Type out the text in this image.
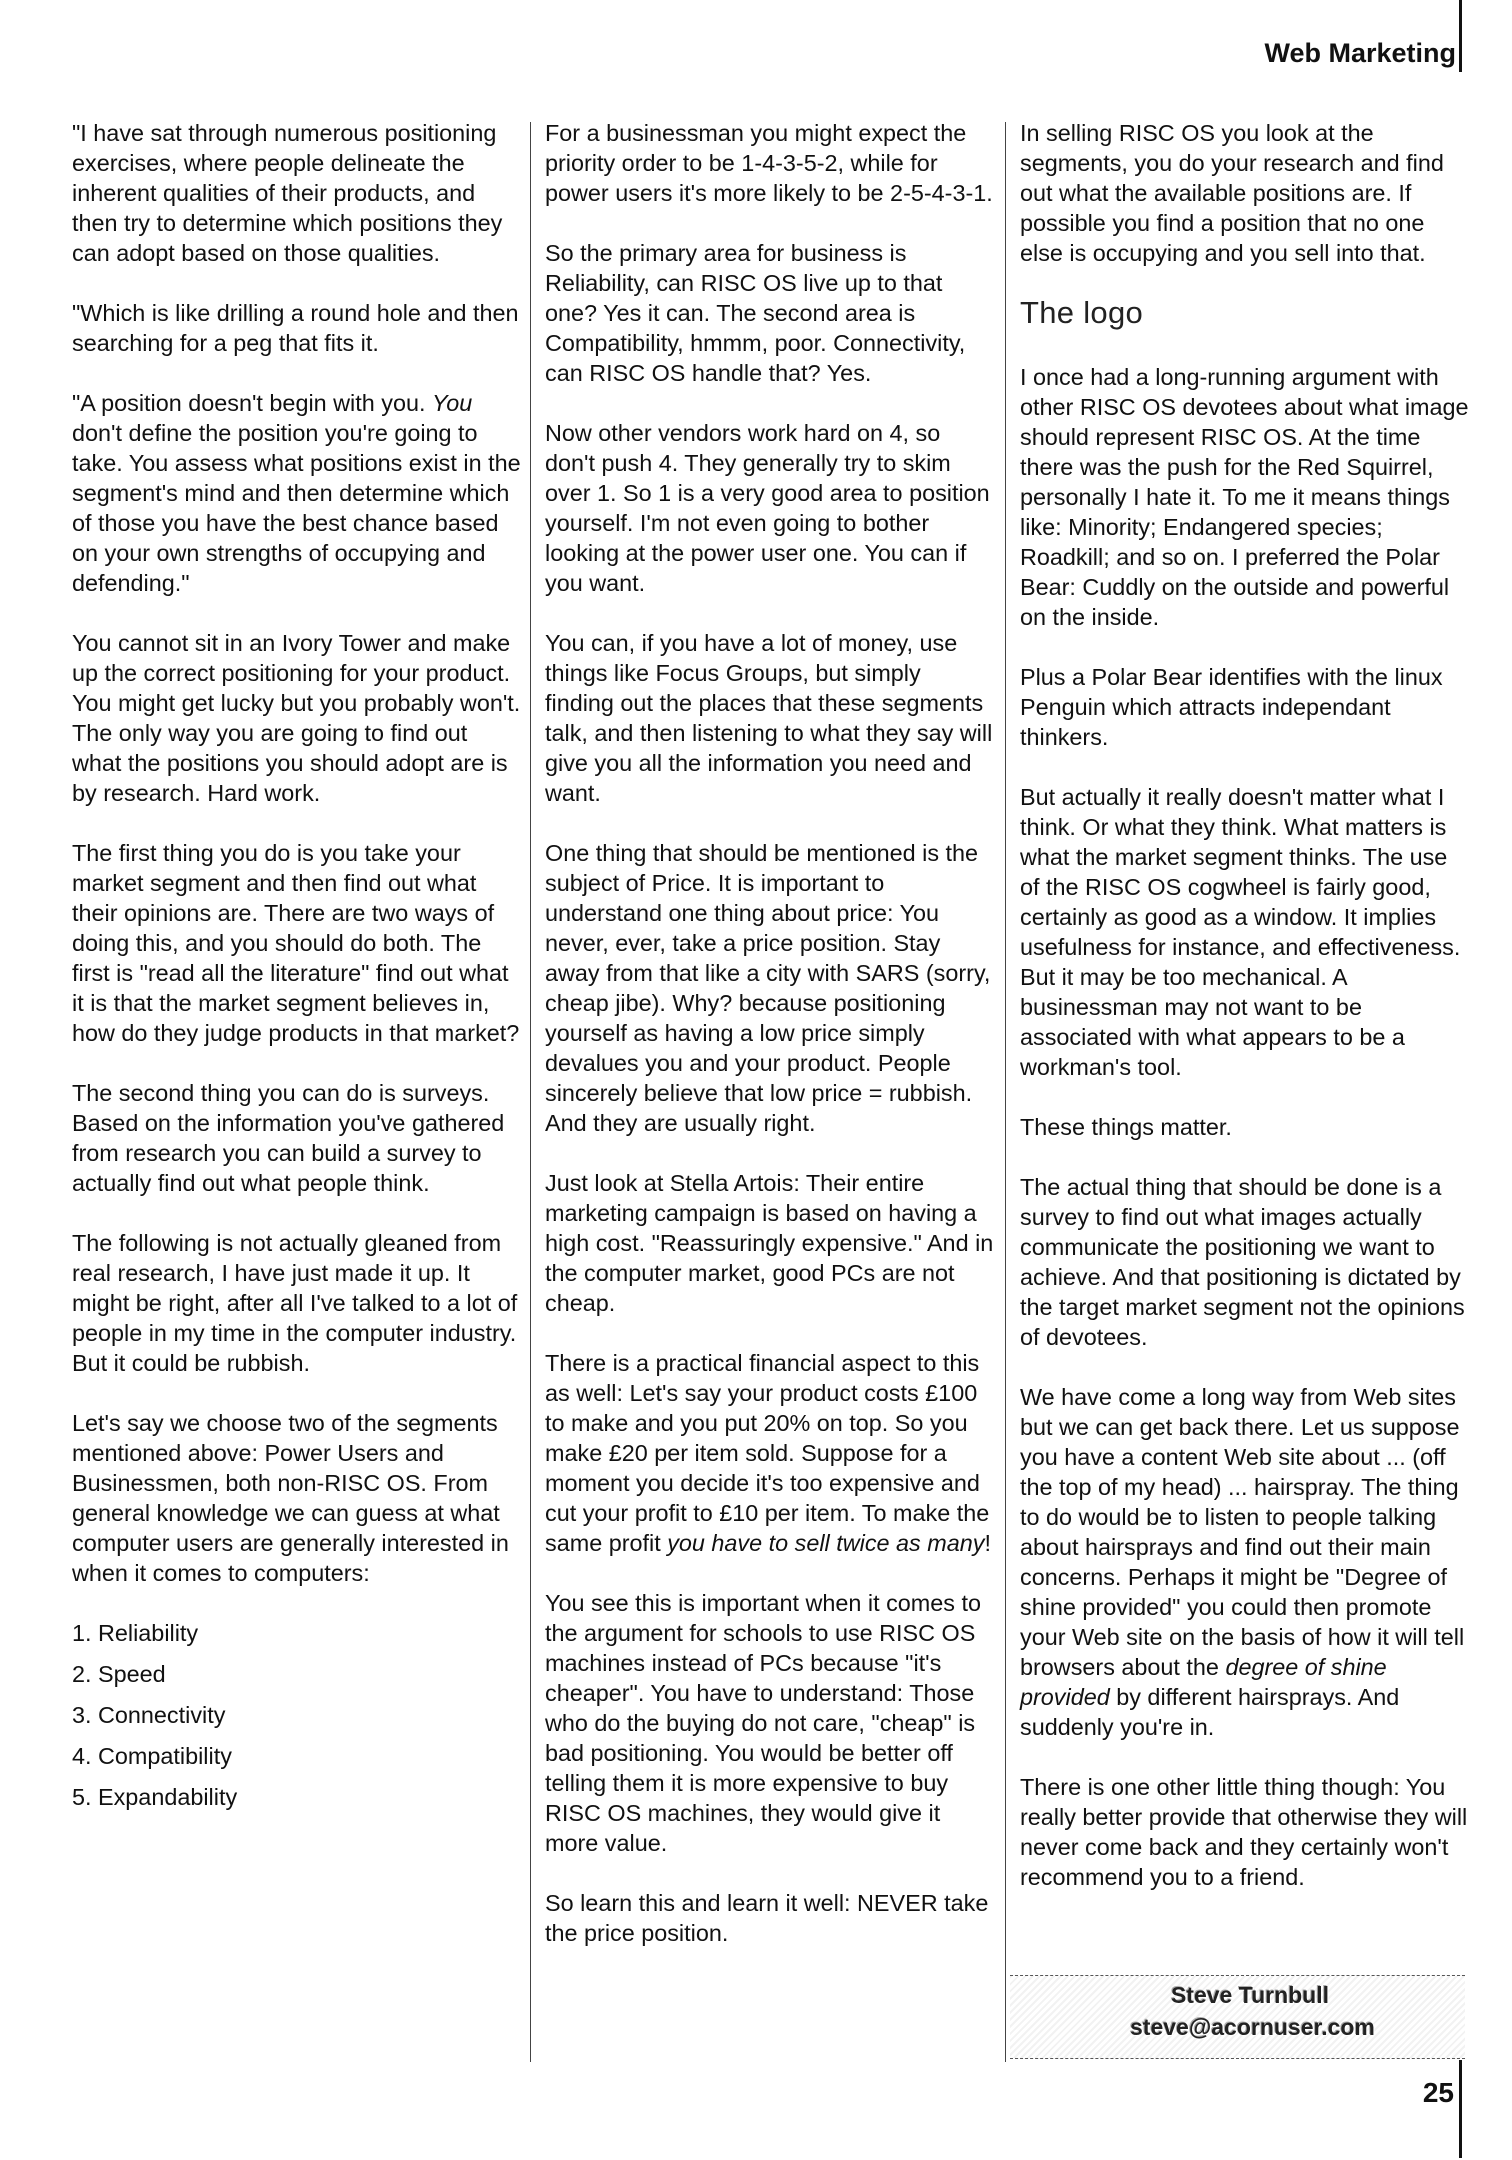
Web Marketing

"I have sat through numerous positioning exercises, where people delineate the inherent qualities of their products, and then try to determine which positions they can adopt based on those qualities.

"Which is like drilling a round hole and then searching for a peg that fits it.

"A position doesn't begin with you. You don't define the position you're going to take. You assess what positions exist in the segment's mind and then determine which of those you have the best chance based on your own strengths of occupying and defending."

You cannot sit in an Ivory Tower and make up the correct positioning for your product. You might get lucky but you probably won't. The only way you are going to find out what the positions you should adopt are is by research. Hard work.

The first thing you do is you take your market segment and then find out what their opinions are. There are two ways of doing this, and you should do both. The first is "read all the literature" find out what it is that the market segment believes in, how do they judge products in that market?

The second thing you can do is surveys. Based on the information you've gathered from research you can build a survey to actually find out what people think.

The following is not actually gleaned from real research, I have just made it up. It might be right, after all I've talked to a lot of people in my time in the computer industry. But it could be rubbish.

Let's say we choose two of the segments mentioned above: Power Users and Businessmen, both non-RISC OS. From general knowledge we can guess at what computer users are generally interested in when it comes to computers:

1. Reliability
2. Speed
3. Connectivity
4. Compatibility
5. Expandability

For a businessman you might expect the priority order to be 1-4-3-5-2, while for power users it's more likely to be 2-5-4-3-1.

So the primary area for business is Reliability, can RISC OS live up to that one? Yes it can. The second area is Compatibility, hmmm, poor. Connectivity, can RISC OS handle that? Yes.

Now other vendors work hard on 4, so don't push 4. They generally try to skim over 1. So 1 is a very good area to position yourself. I'm not even going to bother looking at the power user one. You can if you want.

You can, if you have a lot of money, use things like Focus Groups, but simply finding out the places that these segments talk, and then listening to what they say will give you all the information you need and want.

One thing that should be mentioned is the subject of Price. It is important to understand one thing about price: You never, ever, take a price position. Stay away from that like a city with SARS (sorry, cheap jibe). Why? because positioning yourself as having a low price simply devalues you and your product. People sincerely believe that low price = rubbish. And they are usually right.

Just look at Stella Artois: Their entire marketing campaign is based on having a high cost. "Reassuringly expensive." And in the computer market, good PCs are not cheap.

There is a practical financial aspect to this as well: Let's say your product costs £100 to make and you put 20% on top. So you make £20 per item sold. Suppose for a moment you decide it's too expensive and cut your profit to £10 per item. To make the same profit you have to sell twice as many!

You see this is important when it comes to the argument for schools to use RISC OS machines instead of PCs because "it's cheaper". You have to understand: Those who do the buying do not care, "cheap" is bad positioning. You would be better off telling them it is more expensive to buy RISC OS machines, they would give it more value.

So learn this and learn it well: NEVER take the price position.

In selling RISC OS you look at the segments, you do your research and find out what the available positions are. If possible you find a position that no one else is occupying and you sell into that.

The logo

I once had a long-running argument with other RISC OS devotees about what image should represent RISC OS. At the time there was the push for the Red Squirrel, personally I hate it. To me it means things like: Minority; Endangered species; Roadkill; and so on. I preferred the Polar Bear: Cuddly on the outside and powerful on the inside.

Plus a Polar Bear identifies with the linux Penguin which attracts independant thinkers.

But actually it really doesn't matter what I think. Or what they think. What matters is what the market segment thinks. The use of the RISC OS cogwheel is fairly good, certainly as good as a window. It implies usefulness for instance, and effectiveness. But it may be too mechanical. A businessman may not want to be associated with what appears to be a workman's tool.

These things matter.

The actual thing that should be done is a survey to find out what images actually communicate the positioning we want to achieve. And that positioning is dictated by the target market segment not the opinions of devotees.

We have come a long way from Web sites but we can get back there. Let us suppose you have a content Web site about ... (off the top of my head) ... hairspray. The thing to do would be to listen to people talking about hairsprays and find out their main concerns. Perhaps it might be "Degree of shine provided" you could then promote your Web site on the basis of how it will tell browsers about the degree of shine provided by different hairsprays. And suddenly you're in.

There is one other little thing though: You really better provide that otherwise they will never come back and they certainly won't recommend you to a friend.

Steve Turnbull
steve@acornuser.com
25
